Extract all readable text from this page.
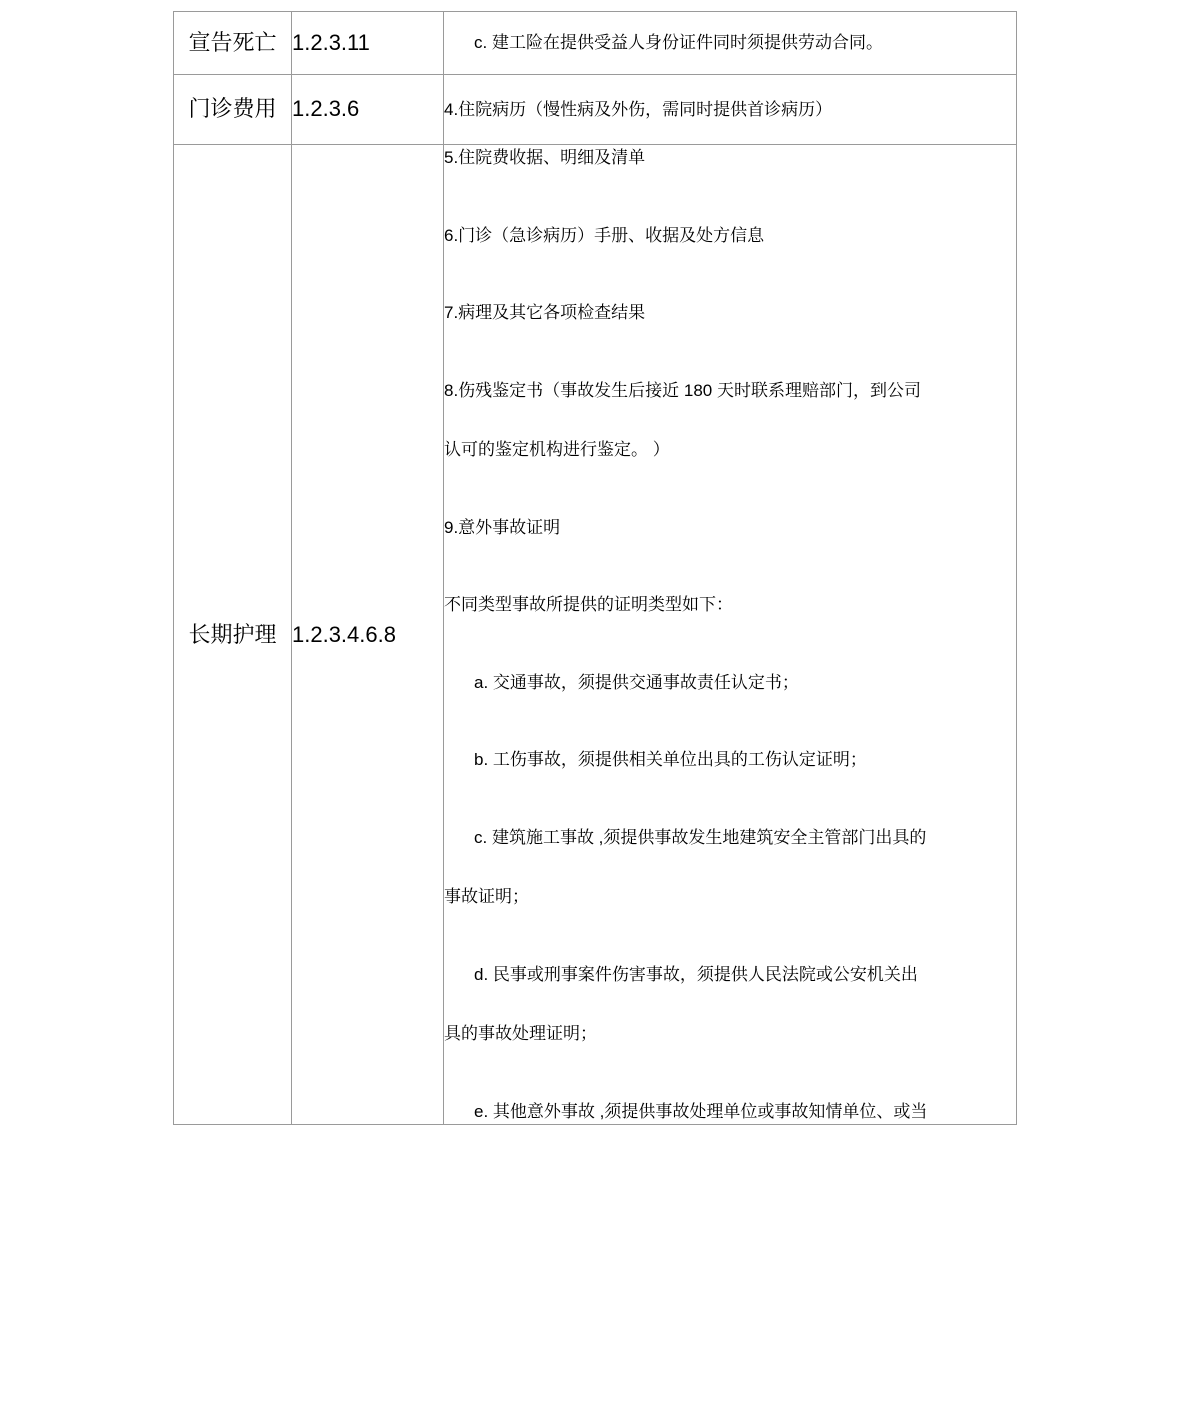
宣告死亡	1.2.3.11	c. 建工险在提供受益人身份证件同时须提供劳动合同。

门诊费用	1.2.3.6	4.住院病历（慢性病及外伤，需同时提供首诊病历）

长期护理	1.2.3.4.6.8	

5.住院费收据、明细及清单

6.门诊（急诊病历）手册、收据及处方信息

7.病理及其它各项检查结果

8.伤残鉴定书（事故发生后接近 180 天时联系理赔部门，到公司

认可的鉴定机构进行鉴定。 ）

9.意外事故证明

不同类型事故所提供的证明类型如下：

a. 交通事故，须提供交通事故责任认定书；

b. 工伤事故，须提供相关单位出具的工伤认定证明；

c. 建筑施工事故 ,须提供事故发生地建筑安全主管部门出具的

事故证明；

d. 民事或刑事案件伤害事故，须提供人民法院或公安机关出

具的事故处理证明；

e. 其他意外事故 ,须提供事故处理单位或事故知情单位、或当
